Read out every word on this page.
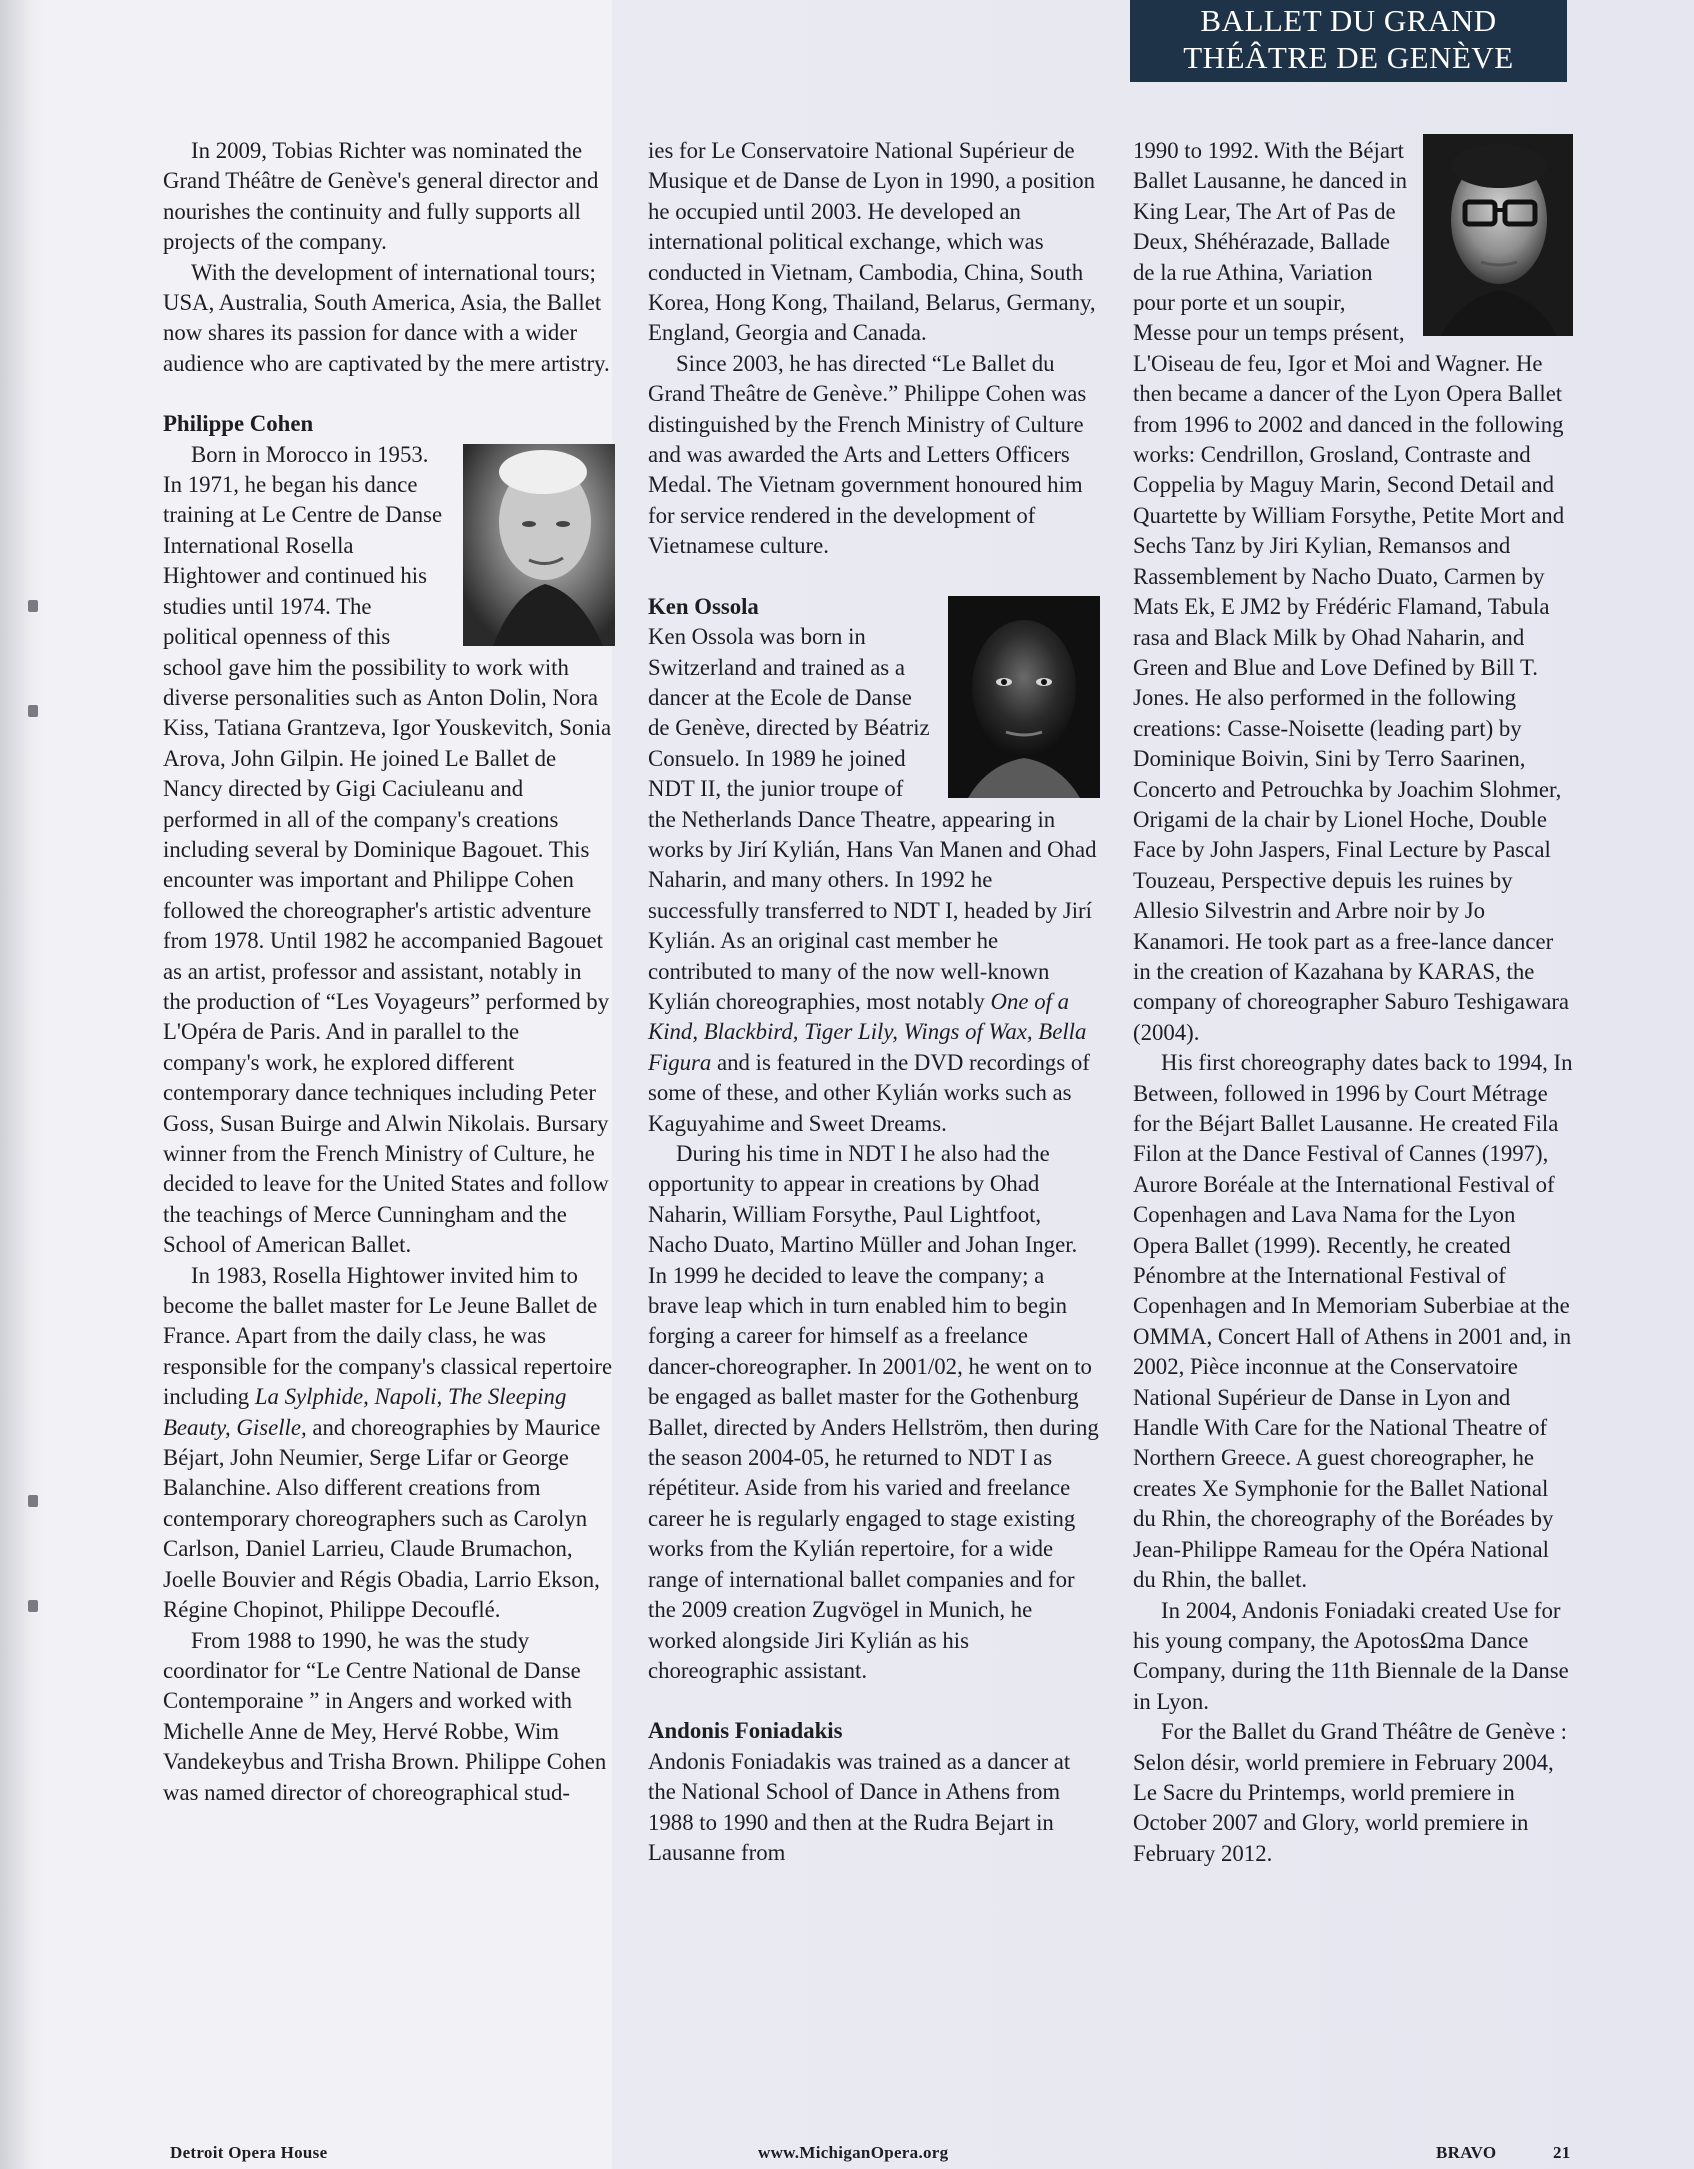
BALLET DU GRAND
THÉÂTRE DE GENÈVE

In 2009, Tobias Richter was nominated the Grand Théâtre de Genève's general director and nourishes the continuity and fully supports all projects of the company.

With the development of international tours; USA, Australia, South America, Asia, the Ballet now shares its passion for dance with a wider audience who are captivated by the mere artistry.

Philippe Cohen

Born in Morocco in 1953. In 1971, he began his dance training at Le Centre de Danse International Rosella Hightower and continued his studies until 1974. The political openness of this school gave him the possibility to work with diverse personalities such as Anton Dolin, Nora Kiss, Tatiana Grantzeva, Igor Youskevitch, Sonia Arova, John Gilpin. He joined Le Ballet de Nancy directed by Gigi Caciuleanu and performed in all of the company's creations including several by Dominique Bagouet. This encounter was important and Philippe Cohen followed the choreographer's artistic adventure from 1978. Until 1982 he accompanied Bagouet as an artist, professor and assistant, notably in the production of “Les Voyageurs” performed by L'Opéra de Paris. And in parallel to the company's work, he explored different contemporary dance techniques including Peter Goss, Susan Buirge and Alwin Nikolais. Bursary winner from the French Ministry of Culture, he decided to leave for the United States and follow the teachings of Merce Cunningham and the School of American Ballet.

In 1983, Rosella Hightower invited him to become the ballet master for Le Jeune Ballet de France. Apart from the daily class, he was responsible for the company's classical repertoire including La Sylphide, Napoli, The Sleeping Beauty, Giselle, and choreographies by Maurice Béjart, John Neumier, Serge Lifar or George Balanchine. Also different creations from contemporary choreographers such as Carolyn Carlson, Daniel Larrieu, Claude Brumachon, Joelle Bouvier and Régis Obadia, Larrio Ekson, Régine Chopinot, Philippe Decouflé.

From 1988 to 1990, he was the study coordinator for “Le Centre National de Danse Contemporaine ” in Angers and worked with Michelle Anne de Mey, Hervé Robbe, Wim Vandekeybus and Trisha Brown. Philippe Cohen was named director of choreographical stud-

ies for Le Conservatoire National Supérieur de Musique et de Danse de Lyon in 1990, a position he occupied until 2003. He developed an international political exchange, which was conducted in Vietnam, Cambodia, China, South Korea, Hong Kong, Thailand, Belarus, Germany, England, Georgia and Canada.

Since 2003, he has directed “Le Ballet du Grand Theâtre de Genève.” Philippe Cohen was distinguished by the French Ministry of Culture and was awarded the Arts and Letters Officers Medal. The Vietnam government honoured him for service rendered in the development of Vietnamese culture.

Ken Ossola

Ken Ossola was born in Switzerland and trained as a dancer at the Ecole de Danse de Genève, directed by Béatriz Consuelo. In 1989 he joined NDT II, the junior troupe of the Netherlands Dance Theatre, appearing in works by Jirí Kylián, Hans Van Manen and Ohad Naharin, and many others. In 1992 he successfully transferred to NDT I, headed by Jirí Kylián. As an original cast member he contributed to many of the now well-known Kylián choreographies, most notably One of a Kind, Blackbird, Tiger Lily, Wings of Wax, Bella Figura and is featured in the DVD recordings of some of these, and other Kylián works such as Kaguyahime and Sweet Dreams.

During his time in NDT I he also had the opportunity to appear in creations by Ohad Naharin, William Forsythe, Paul Lightfoot, Nacho Duato, Martino Müller and Johan Inger. In 1999 he decided to leave the company; a brave leap which in turn enabled him to begin forging a career for himself as a freelance dancer-choreographer. In 2001/02, he went on to be engaged as ballet master for the Gothenburg Ballet, directed by Anders Hellström, then during the season 2004-05, he returned to NDT I as répétiteur. Aside from his varied and freelance career he is regularly engaged to stage existing works from the Kylián repertoire, for a wide range of international ballet companies and for the 2009 creation Zugvögel in Munich, he worked alongside Jiri Kylián as his choreographic assistant.

Andonis Foniadakis

Andonis Foniadakis was trained as a dancer at the National School of Dance in Athens from 1988 to 1990 and then at the Rudra Bejart in Lausanne from

1990 to 1992. With the Béjart Ballet Lausanne, he danced in King Lear, The Art of Pas de Deux, Shéhérazade, Ballade de la rue Athina, Variation pour porte et un soupir, Messe pour un temps présent, L'Oiseau de feu, Igor et Moi and Wagner. He then became a dancer of the Lyon Opera Ballet from 1996 to 2002 and danced in the following works: Cendrillon, Grosland, Contraste and Coppelia by Maguy Marin, Second Detail and Quartette by William Forsythe, Petite Mort and Sechs Tanz by Jiri Kylian, Remansos and Rassemblement by Nacho Duato, Carmen by Mats Ek, E JM2 by Frédéric Flamand, Tabula rasa and Black Milk by Ohad Naharin, and Green and Blue and Love Defined by Bill T. Jones. He also performed in the following creations: Casse-Noisette (leading part) by Dominique Boivin, Sini by Terro Saarinen, Concerto and Petrouchka by Joachim Slohmer, Origami de la chair by Lionel Hoche, Double Face by John Jaspers, Final Lecture by Pascal Touzeau, Perspective depuis les ruines by Allesio Silvestrin and Arbre noir by Jo Kanamori. He took part as a free-lance dancer in the creation of Kazahana by KARAS, the company of choreographer Saburo Teshigawara (2004).

His first choreography dates back to 1994, In Between, followed in 1996 by Court Métrage for the Béjart Ballet Lausanne. He created Fila Filon at the Dance Festival of Cannes (1997), Aurore Boréale at the International Festival of Copenhagen and Lava Nama for the Lyon Opera Ballet (1999). Recently, he created Pénombre at the International Festival of Copenhagen and In Memoriam Suberbiae at the OMMA, Concert Hall of Athens in 2001 and, in 2002, Pièce inconnue at the Conservatoire National Supérieur de Danse in Lyon and Handle With Care for the National Theatre of Northern Greece. A guest choreographer, he creates Xe Symphonie for the Ballet National du Rhin, the choreography of the Boréades by Jean-Philippe Rameau for the Opéra National du Rhin, the ballet.

In 2004, Andonis Foniadaki created Use for his young company, the ApotosΩma Dance Company, during the 11th Biennale de la Danse in Lyon.

For the Ballet du Grand Théâtre de Genève : Selon désir, world premiere in February 2004, Le Sacre du Printemps, world premiere in October 2007 and Glory, world premiere in February 2012.

Detroit Opera House	www.MichiganOpera.org	BRAVO	21
